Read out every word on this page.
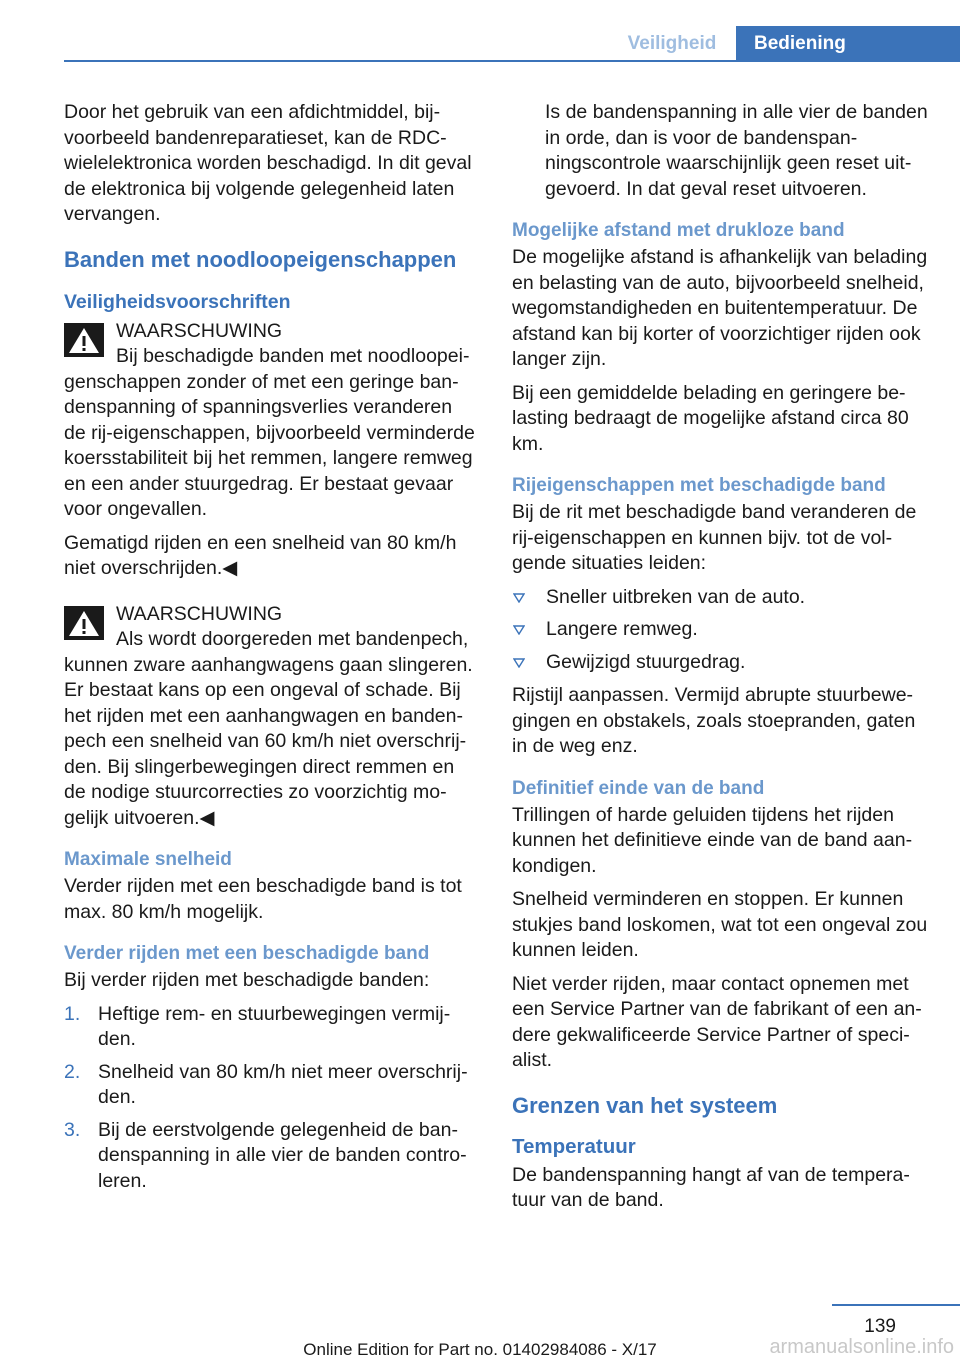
Veiligheid	Bediening

Door het gebruik van een afdichtmiddel, bijvoorbeeld bandenreparatieset, kan de RDC-wielelektronica worden beschadigd. In dit geval de elektronica bij volgende gelegenheid laten vervangen.

Banden met noodloopeigenschappen
Veiligheidsvoorschriften
WAARSCHUWING

Bij beschadigde banden met noodloopeigenschappen zonder of met een geringe bandenspanning of spanningsverlies veranderen de rij-eigenschappen, bijvoorbeeld verminderde koersstabiliteit bij het remmen, langere remweg en een ander stuurgedrag. Er bestaat gevaar voor ongevallen.

Gematigd rijden en een snelheid van 80 km/h niet overschrijden.◀

WAARSCHUWING

Als wordt doorgereden met bandenpech, kunnen zware aanhangwagens gaan slingeren. Er bestaat kans op een ongeval of schade. Bij het rijden met een aanhangwagen en bandenpech een snelheid van 60 km/h niet overschrijden. Bij slingerbewegingen direct remmen en de nodige stuurcorrecties zo voorzichtig mogelijk uitvoeren.◀

Maximale snelheid

Verder rijden met een beschadigde band is tot max. 80 km/h mogelijk.

Verder rijden met een beschadigde band

Bij verder rijden met beschadigde banden:

1. Heftige rem- en stuurbewegingen vermijden.
2. Snelheid van 80 km/h niet meer overschrijden.
3. Bij de eerstvolgende gelegenheid de bandenspanning in alle vier de banden controleren.

Is de bandenspanning in alle vier de banden in orde, dan is voor de bandenspanningscontrole waarschijnlijk geen reset uitgevoerd. In dat geval reset uitvoeren.

Mogelijke afstand met drukloze band

De mogelijke afstand is afhankelijk van belading en belasting van de auto, bijvoorbeeld snelheid, wegomstandigheden en buitentemperatuur. De afstand kan bij korter of voorzichtiger rijden ook langer zijn.

Bij een gemiddelde belading en geringere belasting bedraagt de mogelijke afstand circa 80 km.

Rijeigenschappen met beschadigde band

Bij de rit met beschadigde band veranderen de rij-eigenschappen en kunnen bijv. tot de volgende situaties leiden:

Sneller uitbreken van de auto.
Langere remweg.
Gewijzigd stuurgedrag.

Rijstijl aanpassen. Vermijd abrupte stuurbewegingen en obstakels, zoals stoepranden, gaten in de weg enz.

Definitief einde van de band

Trillingen of harde geluiden tijdens het rijden kunnen het definitieve einde van de band aankondigen.

Snelheid verminderen en stoppen. Er kunnen stukjes band loskomen, wat tot een ongeval zou kunnen leiden.

Niet verder rijden, maar contact opnemen met een Service Partner van de fabrikant of een andere gekwalificeerde Service Partner of specialist.

Grenzen van het systeem
Temperatuur

De bandenspanning hangt af van de temperatuur van de band.

139
Online Edition for Part no. 01402984086 - X/17	armanualsonline.info
